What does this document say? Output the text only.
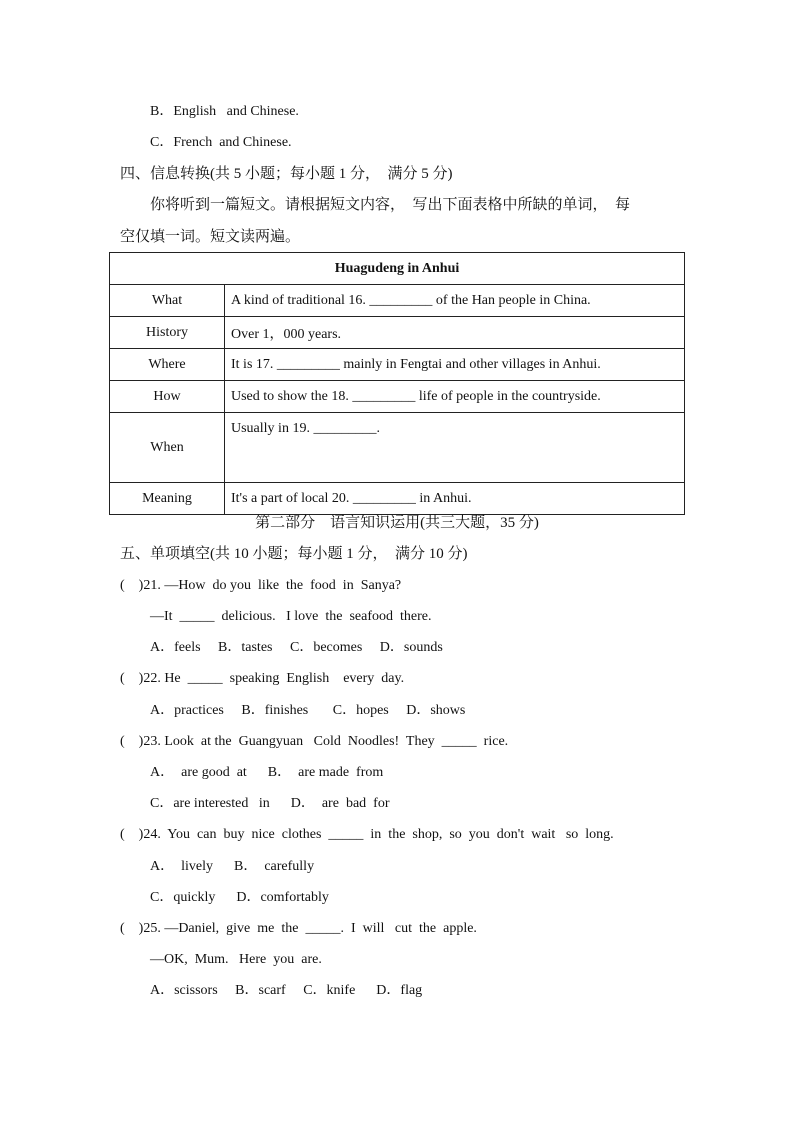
B．English   and Chinese.
C．French  and Chinese.
四、信息转换(共 5 小题；每小题 1 分，  满分 5 分)
你将听到一篇短文。请根据短文内容，  写出下面表格中所缺的单词，  每
空仅填一词。短文读两遍。
Huagudeng in Anhui	
What	A kind of traditional 16. _________ of the Han people in China.
History	Over 1，000 years.
Where	It is 17. _________ mainly in Fengtai and other villages in Anhui.
How	Used to show the 18. _________ life of people in the countryside.
When	Usually in 19. _________.
Meaning	It's a part of local 20. _________ in Anhui.
第二部分    语言知识运用(共三大题，35 分)
五、单项填空(共 10 小题；每小题 1 分，  满分 10 分)
(    )21. —How  do you  like  the  food  in  Sanya?
—It  _____  delicious.   I love  the  seafood  there.
A．feels     B．tastes     C．becomes     D．sounds
(    )22. He  _____  speaking  English    every  day.
A．practices     B．finishes       C．hopes     D．shows
(    )23. Look  at the  Guangyuan   Cold  Noodles!  They  _____  rice.
A．  are good  at      B．  are made  from
C．are interested   in      D．  are  bad  for
(    )24.  You  can  buy  nice  clothes  _____  in  the  shop,  so  you  don't  wait   so  long.
A．  lively      B．  carefully
C．quickly      D．comfortably
(    )25. —Daniel,  give  me  the  _____.  I  will   cut  the  apple.
—OK,  Mum.   Here  you  are.
A．scissors     B．scarf     C．knife      D．flag
